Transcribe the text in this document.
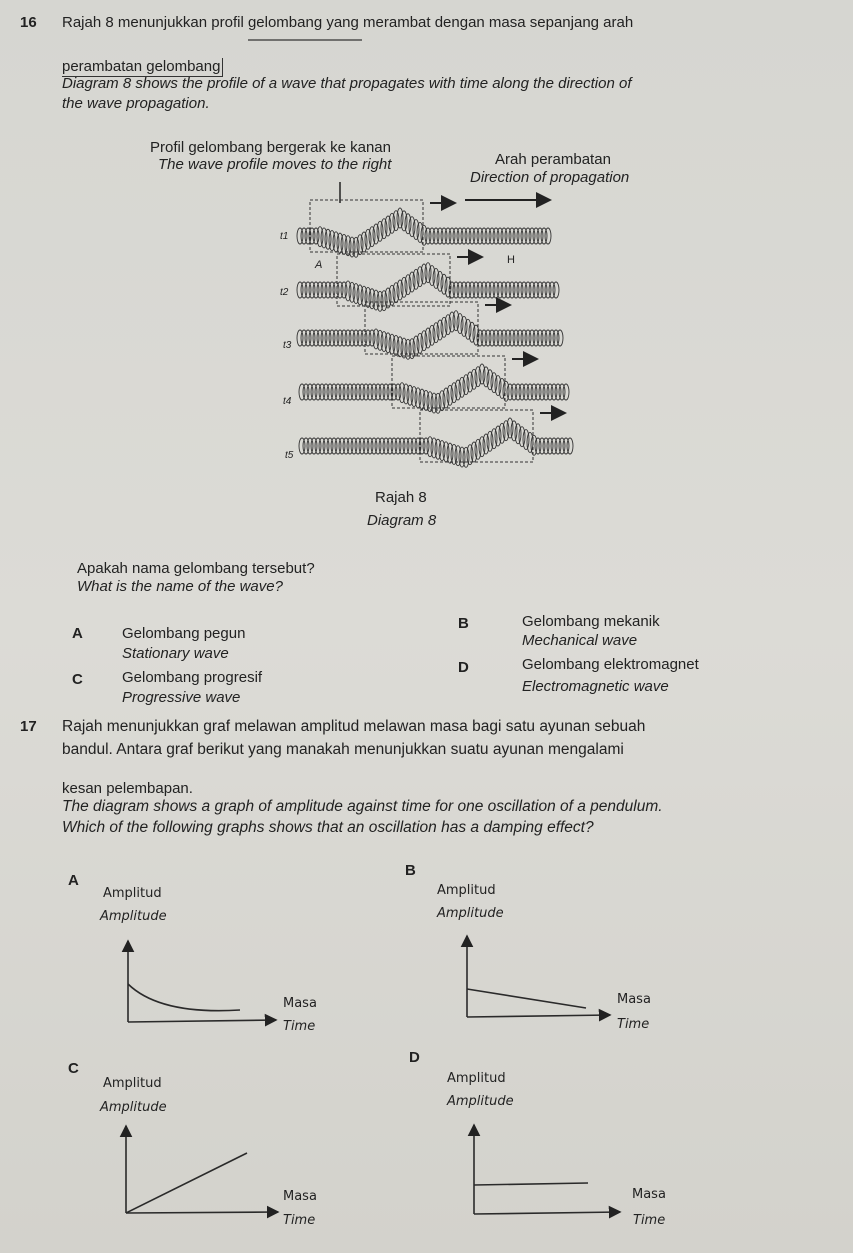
16 Rajah 8 menunjukkan profil gelombang yang merambat dengan masa sepanjang arah
perambatan gelombang
Diagram 8 shows the profile of a wave that propagates with time along the direction of
the wave propagation.
Profil gelombang bergerak ke kanan
The wave profile moves to the right	Arah perambatan
Direction of propagation
t1
t2
t3
t4
t5
A	H
Rajah 8
Diagram 8
Apakah nama gelombang tersebut?
What is the name of the wave?
A	Gelombang pegun
Stationary wave
B	Gelombang mekanik
Mechanical wave
C	Gelombang progresif
Progressive wave
D	Gelombang elektromagnet
Electromagnetic wave
17 Rajah menunjukkan graf melawan amplitud melawan masa bagi satu ayunan sebuah
bandul. Antara graf berikut yang manakah menunjukkan suatu ayunan mengalami
kesan pelembapan.
The diagram shows a graph of amplitude against time for one oscillation of a pendulum.
Which of the following graphs shows that an oscillation has a damping effect?
A
Amplitud
Amplitude
Masa
Time
B
Amplitud
Amplitude
Masa
Time
C
Amplitud
Amplitude
Masa
Time
D
Amplitud
Amplitude
Masa
Time
